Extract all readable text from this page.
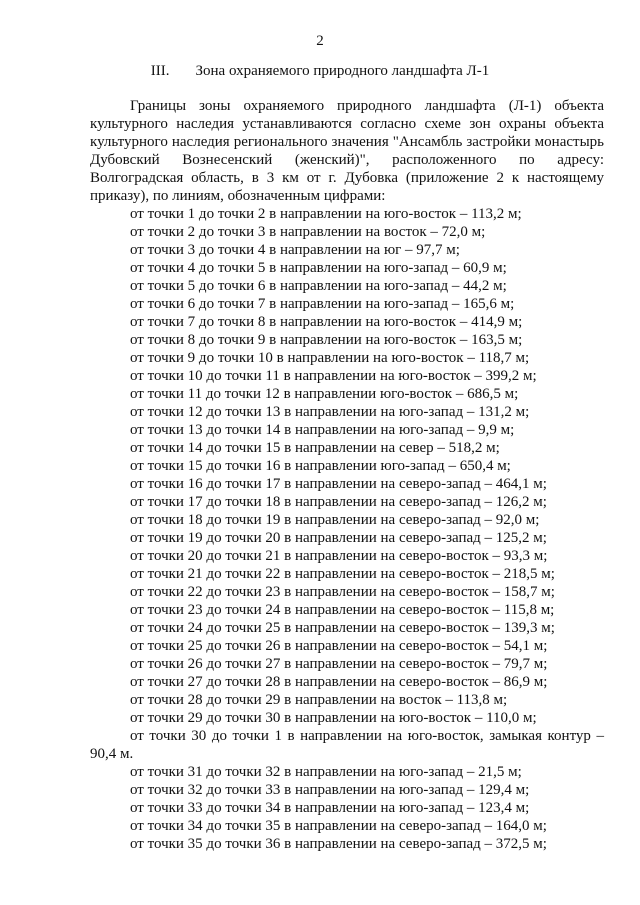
2
III. Зона охраняемого природного ландшафта Л-1

Границы зоны охраняемого природного ландшафта (Л-1) объекта культурного наследия устанавливаются согласно схеме зон охраны объекта культурного наследия регионального значения "Ансамбль застройки монастырь Дубовский Вознесенский (женский)", расположенного по адресу: Волгоградская область, в 3 км от г. Дубовка (приложение 2 к настоящему приказу), по линиям, обозначенным цифрами:

от точки 1 до точки 2 в направлении на юго-восток – 113,2 м;
от точки 2 до точки 3 в направлении на восток – 72,0 м;
от точки 3 до точки 4 в направлении на юг – 97,7 м;
от точки 4 до точки 5 в направлении на юго-запад – 60,9 м;
от точки 5 до точки 6 в направлении на юго-запад – 44,2 м;
от точки 6 до точки 7 в направлении на юго-запад – 165,6 м;
от точки 7 до точки 8 в направлении на юго-восток – 414,9 м;
от точки 8 до точки 9 в направлении на юго-восток – 163,5 м;
от точки 9 до точки 10 в направлении на юго-восток – 118,7 м;
от точки 10 до точки 11 в направлении на юго-восток – 399,2 м;
от точки 11 до точки 12 в направлении юго-восток – 686,5 м;
от точки 12 до точки 13 в направлении на юго-запад – 131,2 м;
от точки 13 до точки 14 в направлении на юго-запад – 9,9 м;
от точки 14 до точки 15 в направлении на север – 518,2 м;
от точки 15 до точки 16 в направлении юго-запад – 650,4 м;
от точки 16 до точки 17 в направлении на северо-запад – 464,1 м;
от точки 17 до точки 18 в направлении на северо-запад – 126,2 м;
от точки 18 до точки 19 в направлении на северо-запад – 92,0 м;
от точки 19 до точки 20 в направлении на северо-запад – 125,2 м;
от точки 20 до точки 21 в направлении на северо-восток – 93,3 м;
от точки 21 до точки 22 в направлении на северо-восток – 218,5 м;
от точки 22 до точки 23 в направлении на северо-восток – 158,7 м;
от точки 23 до точки 24 в направлении на северо-восток – 115,8 м;
от точки 24 до точки 25 в направлении на северо-восток – 139,3 м;
от точки 25 до точки 26 в направлении на северо-восток – 54,1 м;
от точки 26 до точки 27 в направлении на северо-восток – 79,7 м;
от точки 27 до точки 28 в направлении на северо-восток – 86,9 м;
от точки 28 до точки 29 в направлении на восток – 113,8 м;
от точки 29 до точки 30 в направлении на юго-восток – 110,0 м;
от точки 30 до точки 1 в направлении на юго-восток, замыкая контур – 90,4 м.
от точки 31 до точки 32 в направлении на юго-запад – 21,5 м;
от точки 32 до точки 33 в направлении на юго-запад – 129,4 м;
от точки 33 до точки 34 в направлении на юго-запад – 123,4 м;
от точки 34 до точки 35 в направлении на северо-запад – 164,0 м;
от точки 35 до точки 36 в направлении на северо-запад – 372,5 м;
